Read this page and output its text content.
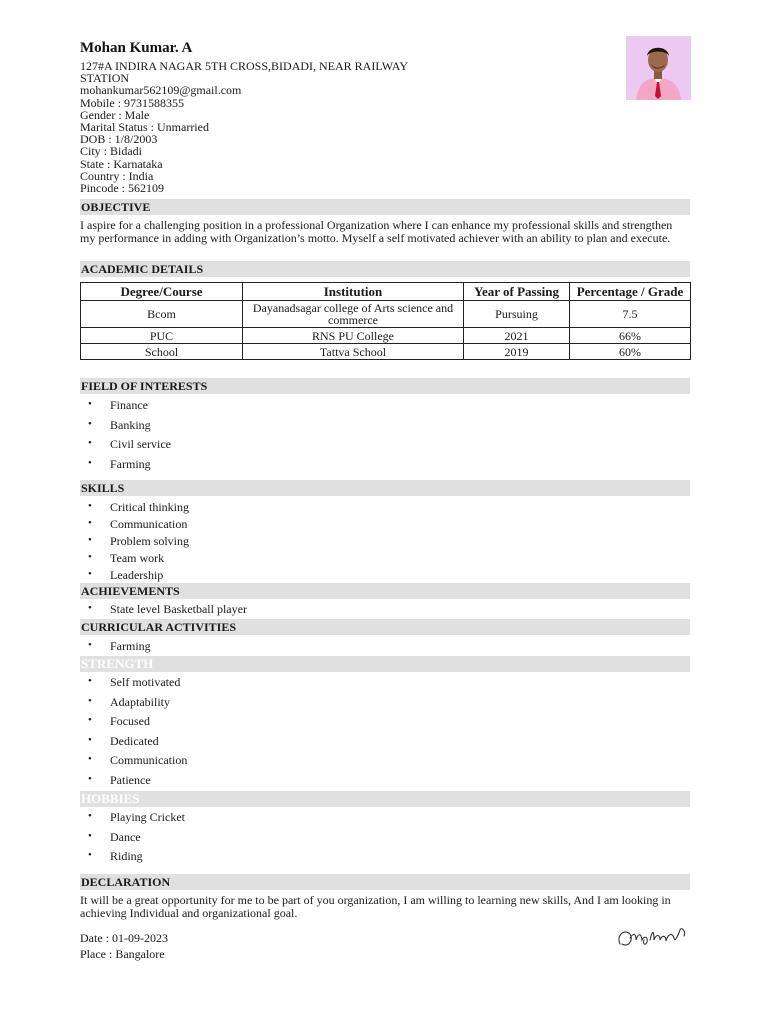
Mohan Kumar. A
127#A INDIRA NAGAR 5TH CROSS,BIDADI, NEAR RAILWAY STATION
mohankumar562109@gmail.com
Mobile : 9731588355
Gender : Male
Marital Status : Unmarried
DOB : 1/8/2003
City : Bidadi
State : Karnataka
Country : India
Pincode : 562109
OBJECTIVE
I aspire for a challenging position in a professional Organization where I can enhance my professional skills and strengthen my performance in adding with Organization’s motto. Myself a self motivated achiever with an ability to plan and execute.
ACADEMIC DETAILS
Degree/Course	Institution	Year of Passing	Percentage / Grade
Bcom	Dayanadsagar college of Arts science and commerce	Pursuing	7.5
PUC	RNS PU College	2021	66%
School	Tattva School	2019	60%
FIELD OF INTERESTS
• Finance
• Banking
• Civil service
• Farming
SKILLS
• Critical thinking
• Communication
• Problem solving
• Team work
• Leadership
ACHIEVEMENTS
• State level Basketball player
CURRICULAR ACTIVITIES
• Farming
STRENGTH
• Self motivated
• Adaptability
• Focused
• Dedicated
• Communication
• Patience
HOBBIES
• Playing Cricket
• Dance
• Riding
DECLARATION
It will be a great opportunity for me to be part of you organization, I am willing to learning new skills, And I am looking in achieving Individual and organizational goal.
Date : 01-09-2023
Place : Bangalore
